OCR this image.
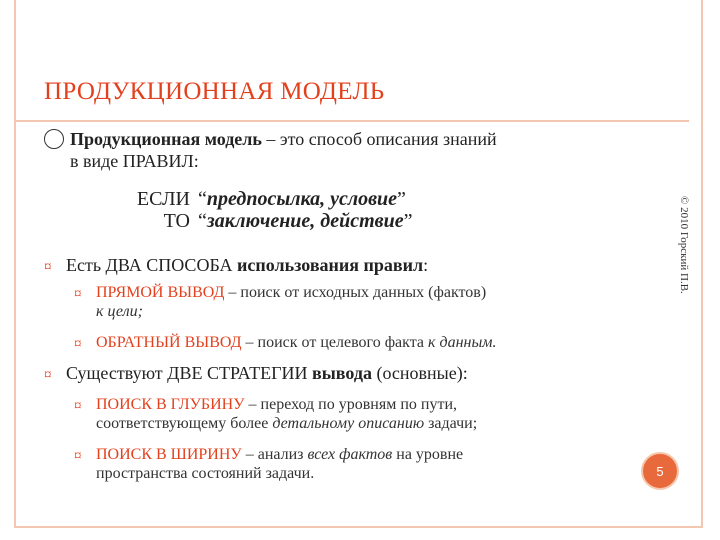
ПРОДУКЦИОННАЯ МОДЕЛЬ
Продукционная модель – это способ описания знаний
в виде ПРАВИЛ:
ЕСЛИ “предпосылка, условие”
ТО “заключение, действие”
¤ Есть ДВА СПОСОБА использования правил:
¤ ПРЯМОЙ ВЫВОД – поиск от исходных данных (фактов)
к цели;
¤ ОБРАТНЫЙ ВЫВОД – поиск от целевого факта к данным.
¤ Существуют ДВЕ СТРАТЕГИИ вывода (основные):
¤ ПОИСК В ГЛУБИНУ – переход по уровням по пути,
соответствующему более детальному описанию задачи;
¤ ПОИСК В ШИРИНУ – анализ всех фактов на уровне
пространства состояний задачи.
© 2010 Горский П.В.
5
